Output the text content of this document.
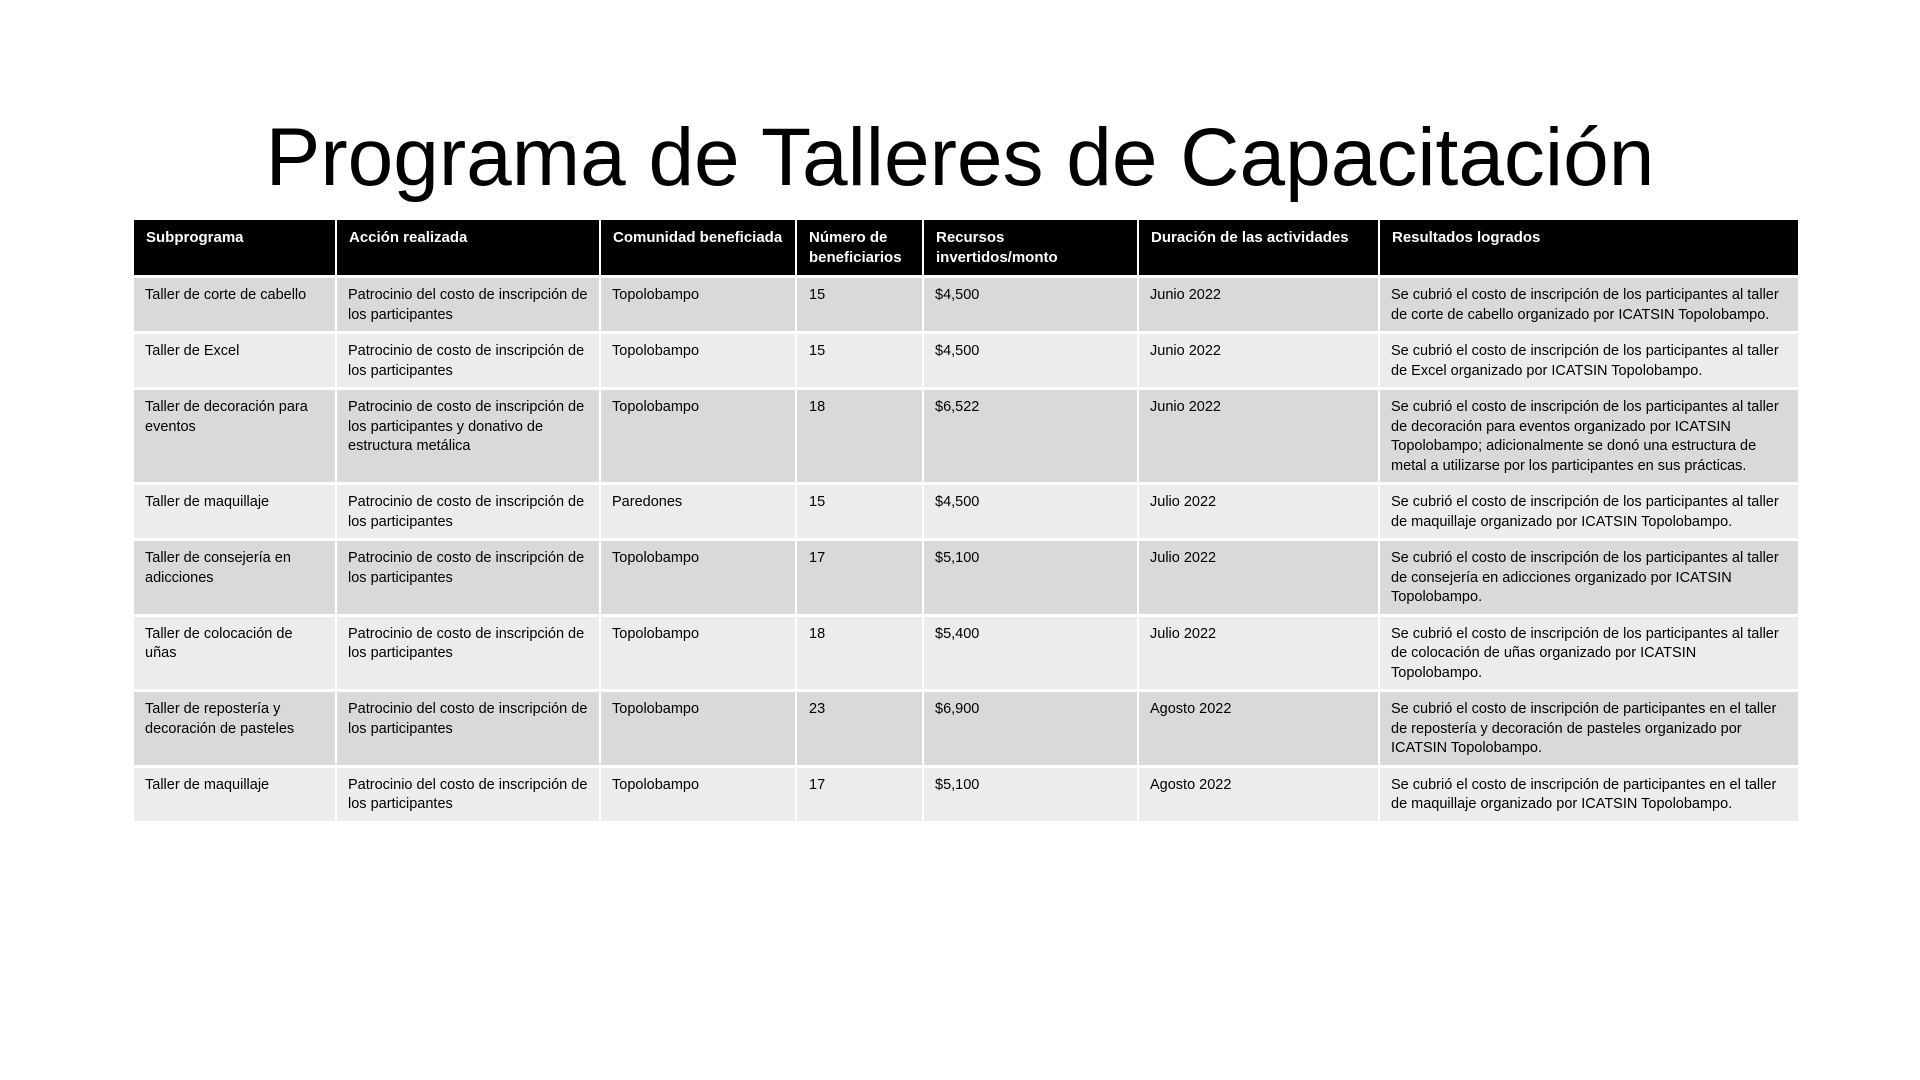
Programa de Talleres de Capacitación
Subprograma	Acción realizada	Comunidad beneficiada	Número de beneficiarios	Recursos invertidos/monto	Duración de las actividades	Resultados logrados
Taller de corte de cabello	Patrocinio del costo de inscripción de los participantes	Topolobampo	15	$4,500	Junio 2022	Se cubrió el costo de inscripción de los participantes al taller de corte de cabello organizado por ICATSIN Topolobampo.
Taller de Excel	Patrocinio de costo de inscripción de los participantes	Topolobampo	15	$4,500	Junio 2022	Se cubrió el costo de inscripción de los participantes al taller de Excel organizado por ICATSIN Topolobampo.
Taller de decoración para eventos	Patrocinio de costo de inscripción de los participantes y donativo de estructura metálica	Topolobampo	18	$6,522	Junio 2022	Se cubrió el costo de inscripción de los participantes al taller de decoración para eventos organizado por ICATSIN Topolobampo; adicionalmente se donó una estructura de metal a utilizarse por los participantes en sus prácticas.
Taller de maquillaje	Patrocinio de costo de inscripción de los participantes	Paredones	15	$4,500	Julio 2022	Se cubrió el costo de inscripción de los participantes al taller de maquillaje organizado por ICATSIN Topolobampo.
Taller de consejería en adicciones	Patrocinio de costo de inscripción de los participantes	Topolobampo	17	$5,100	Julio 2022	Se cubrió el costo de inscripción de los participantes al taller de consejería en adicciones organizado por ICATSIN Topolobampo.
Taller de colocación de uñas	Patrocinio de costo de inscripción de los participantes	Topolobampo	18	$5,400	Julio 2022	Se cubrió el costo de inscripción de los participantes al taller de colocación de uñas organizado por ICATSIN Topolobampo.
Taller de repostería y decoración de pasteles	Patrocinio del costo de inscripción de los participantes	Topolobampo	23	$6,900	Agosto 2022	Se cubrió el costo de inscripción de participantes en el taller de repostería y decoración de pasteles organizado por ICATSIN Topolobampo.
Taller de maquillaje	Patrocinio del costo de inscripción de los participantes	Topolobampo	17	$5,100	Agosto 2022	Se cubrió el costo de inscripción de participantes en el taller de maquillaje organizado por ICATSIN Topolobampo.
